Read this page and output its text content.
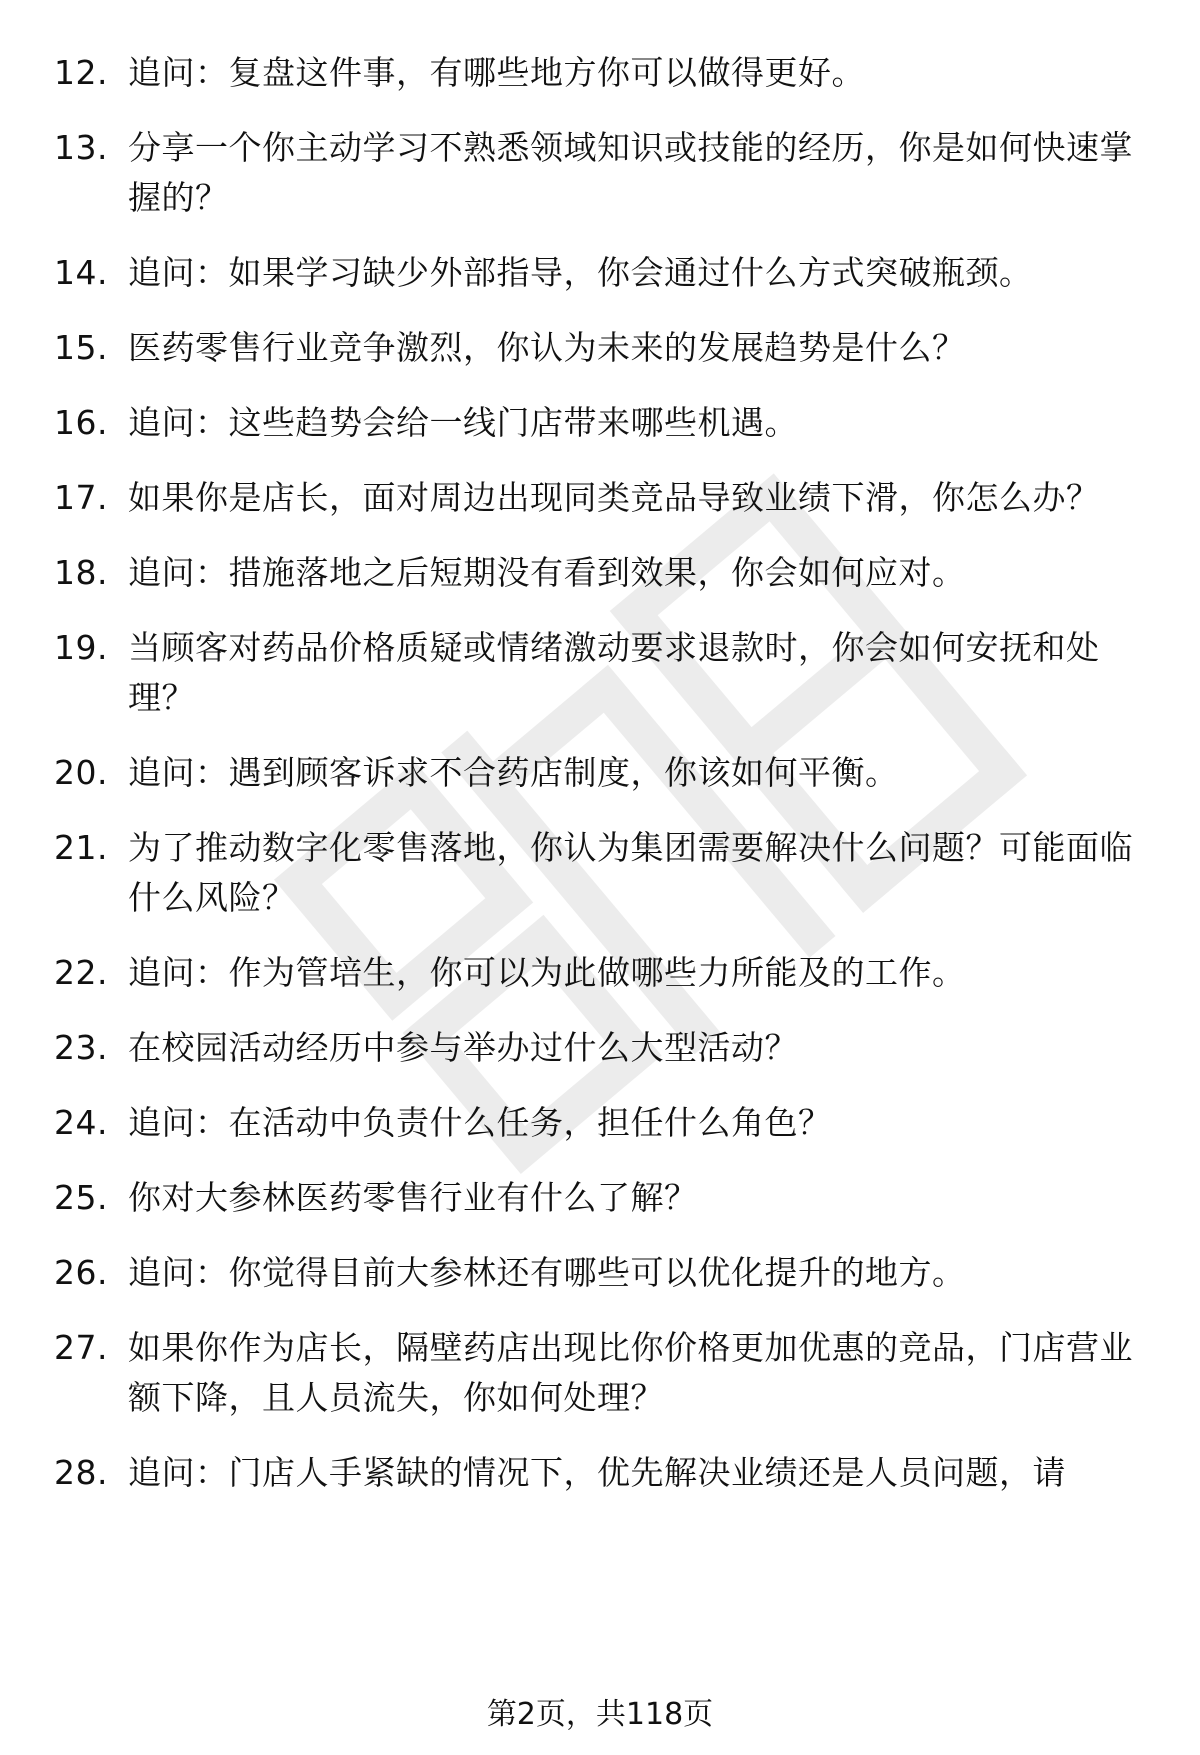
12. 追问：复盘这件事，有哪些地方你可以做得更好。
13. 分享一个你主动学习不熟悉领域知识或技能的经历，你是如何快速掌握的？
14. 追问：如果学习缺少外部指导，你会通过什么方式突破瓶颈。
15. 医药零售行业竞争激烈，你认为未来的发展趋势是什么？
16. 追问：这些趋势会给一线门店带来哪些机遇。
17. 如果你是店长，面对周边出现同类竞品导致业绩下滑，你怎么办？
18. 追问：措施落地之后短期没有看到效果，你会如何应对。
19. 当顾客对药品价格质疑或情绪激动要求退款时，你会如何安抚和处理？
20. 追问：遇到顾客诉求不合药店制度，你该如何平衡。
21. 为了推动数字化零售落地，你认为集团需要解决什么问题？可能面临什么风险？
22. 追问：作为管培生，你可以为此做哪些力所能及的工作。
23. 在校园活动经历中参与举办过什么大型活动？
24. 追问：在活动中负责什么任务，担任什么角色？
25. 你对大参林医药零售行业有什么了解？
26. 追问：你觉得目前大参林还有哪些可以优化提升的地方。
27. 如果你作为店长，隔壁药店出现比你价格更加优惠的竞品，门店营业额下降，且人员流失，你如何处理？
28. 追问：门店人手紧缺的情况下，优先解决业绩还是人员问题，请
第2页，共118页
